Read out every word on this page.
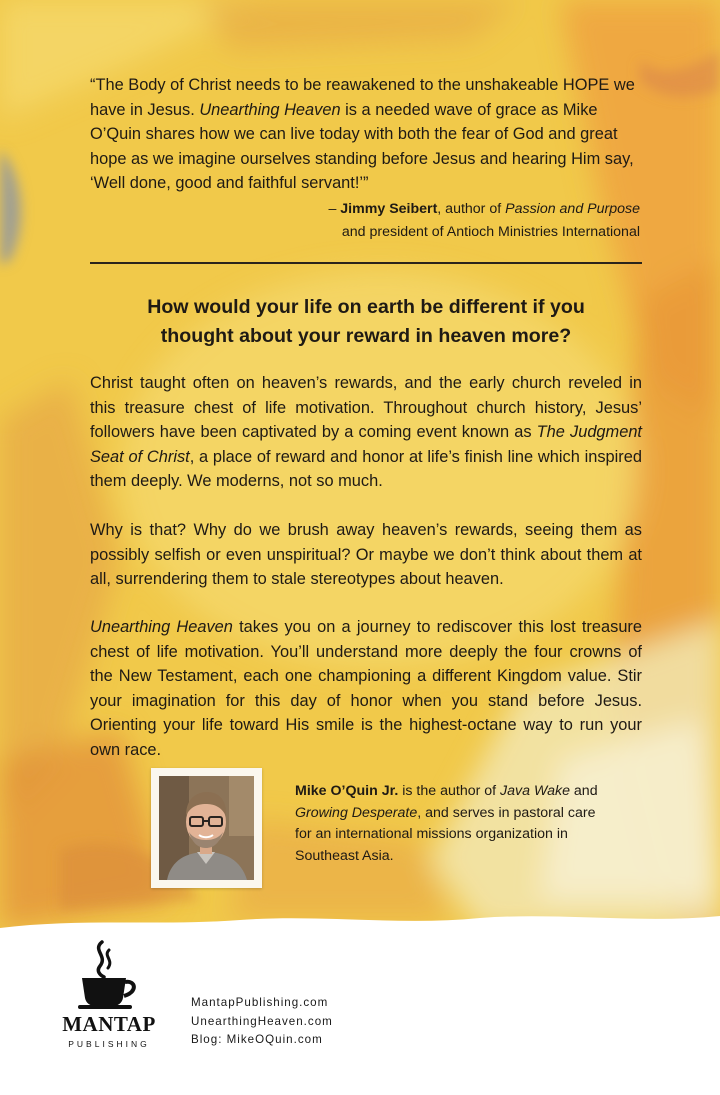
“The Body of Christ needs to be reawakened to the unshakeable HOPE we have in Jesus. Unearthing Heaven is a needed wave of grace as Mike O’Quin shares how we can live today with both the fear of God and great hope as we imagine ourselves standing before Jesus and hearing Him say, ‘Well done, good and faithful servant!’”
– Jimmy Seibert, author of Passion and Purpose
and president of Antioch Ministries International
How would your life on earth be different if you
thought about your reward in heaven more?
Christ taught often on heaven’s rewards, and the early church reveled in this treasure chest of life motivation. Throughout church history, Jesus’ followers have been captivated by a coming event known as The Judgment Seat of Christ, a place of reward and honor at life’s finish line which inspired them deeply. We moderns, not so much.
Why is that? Why do we brush away heaven’s rewards, seeing them as possibly selfish or even unspiritual? Or maybe we don’t think about them at all, surrendering them to stale stereotypes about heaven.
Unearthing Heaven takes you on a journey to rediscover this lost treasure chest of life motivation. You’ll understand more deeply the four crowns of the New Testament, each one championing a different Kingdom value. Stir your imagination for this day of honor when you stand before Jesus. Orienting your life toward His smile is the highest-octane way to run your own race.
Mike O’Quin Jr. is the author of Java Wake and Growing Desperate, and serves in pastoral care for an international missions organization in Southeast Asia.
MANTAP
PUBLISHING
MantapPublishing.com
UnearthingHeaven.com
Blog: MikeOQuin.com
